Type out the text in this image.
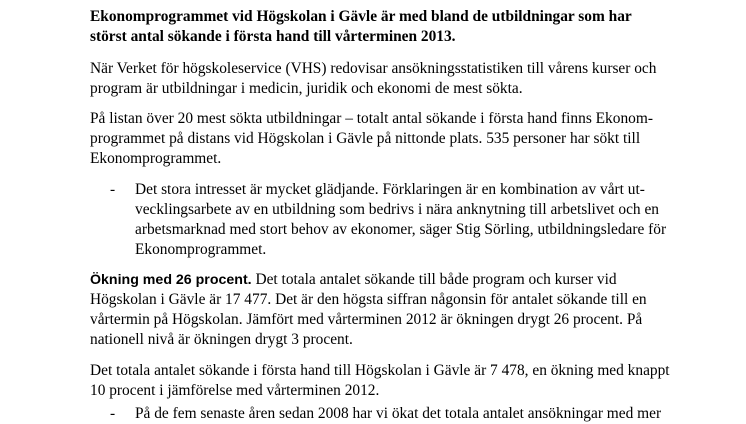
Ekonomprogrammet vid Högskolan i Gävle är med bland de utbildningar som har
störst antal sökande i första hand till vårterminen 2013.
När Verket för högskoleservice (VHS) redovisar ansökningsstatistiken till vårens kurser och
program är utbildningar i medicin, juridik och ekonomi de mest sökta.
På listan över 20 mest sökta utbildningar – totalt antal sökande i första hand finns Ekonom-
programmet på distans vid Högskolan i Gävle på nittonde plats. 535 personer har sökt till
Ekonomprogrammet.
- Det stora intresset är mycket glädjande. Förklaringen är en kombination av vårt ut-
vecklingsarbete av en utbildning som bedrivs i nära anknytning till arbetslivet och en
arbetsmarknad med stort behov av ekonomer, säger Stig Sörling, utbildningsledare för
Ekonomprogrammet.
Ökning med 26 procent. Det totala antalet sökande till både program och kurser vid
Högskolan i Gävle är 17 477. Det är den högsta siffran någonsin för antalet sökande till en
vårtermin på Högskolan. Jämfört med vårterminen 2012 är ökningen drygt 26 procent. På
nationell nivå är ökningen drygt 3 procent.
Det totala antalet sökande i första hand till Högskolan i Gävle är 7 478, en ökning med knappt
10 procent i jämförelse med vårterminen 2012.
- På de fem senaste åren sedan 2008 har vi ökat det totala antalet ansökningar med mer
